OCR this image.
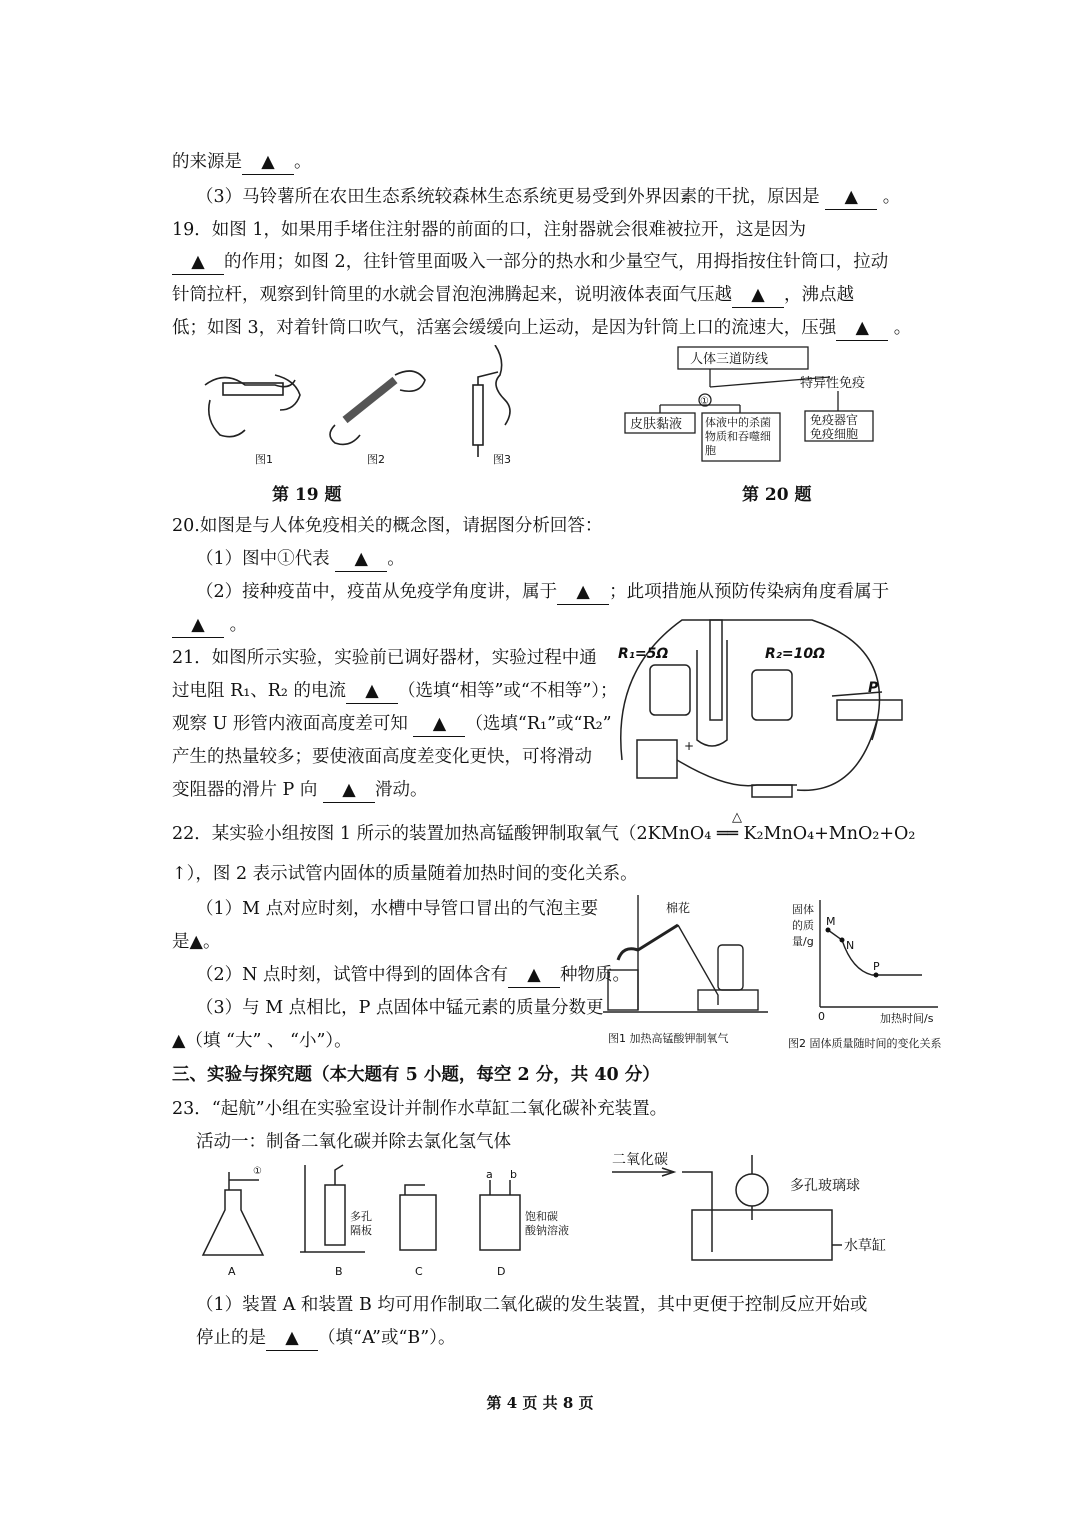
的来源是 ▲ 。
（3）马铃薯所在农田生态系统较森林生态系统更易受到外界因素的干扰，原因是 ▲ 。
19．如图 1，如果用手堵住注射器的前面的口，注射器就会很难被拉开，这是因为
▲ 的作用；如图 2，往针管里面吸入一部分的热水和少量空气，用拇指按住针筒口，拉动
针筒拉杆，观察到针筒里的水就会冒泡泡沸腾起来，说明液体表面气压越 ▲ ，沸点越
低；如图 3，对着针筒口吹气，活塞会缓缓向上运动，是因为针筒上口的流速大，压强 ▲ 。
图1	图2	图3
第 19 题
人体三道防线
特异性免疫
①
皮肤黏液 体液中的杀菌
物质和吞噬细
胞
免疫器官
免疫细胞
第 20 题
20.如图是与人体免疫相关的概念图，请据图分析回答：
（1）图中①代表 ▲ 。
（2）接种疫苗中，疫苗从免疫学角度讲，属于 ▲ ；此项措施从预防传染病角度看属于
▲ 。
21．如图所示实验，实验前已调好器材，实验过程中通
过电阻 R₁、R₂ 的电流 ▲ （选填“相等”或“不相等”）；
观察 U 形管内液面高度差可知 ▲ （选填“R₁”或“R₂”
产生的热量较多；要使液面高度差变化更快，可将滑动
变阻器的滑片 P 向 ▲ 滑动。
R₁=5Ω	R₂=10Ω
P
+
22．某实验小组按图 1 所示的装置加热高锰酸钾制取氧气（2KMnO₄ ══ K₂MnO₄+MnO₂+O₂
△
↑），图 2 表示试管内固体的质量随着加热时间的变化关系。
（1）M 点对应时刻，水槽中导管口冒出的气泡主要
是▲。
（2）N 点时刻，试管中得到的固体含有 ▲ 种物质。
（3）与 M 点相比，P 点固体中锰元素的质量分数更
▲（填 “大” 、 “小”）。
棉花
图1 加热高锰酸钾制氧气
固体
的质
量/g
M
N
P
0	加热时间/s
图2 固体质量随时间的变化关系
三、实验与探究题（本大题有 5 小题，每空 2 分，共 40 分）
23．“起航”小组在实验室设计并制作水草缸二氧化碳补充装置。
活动一：制备二氧化碳并除去氯化氢气体
A	B	C	D
①	a b
多孔
隔板
饱和碳
酸钠溶液
二氧化碳
多孔玻璃球
水草缸
（1）装置 A 和装置 B 均可用作制取二氧化碳的发生装置，其中更便于控制反应开始或
停止的是 ▲ （填“A”或“B”）。
第 4 页 共 8 页
